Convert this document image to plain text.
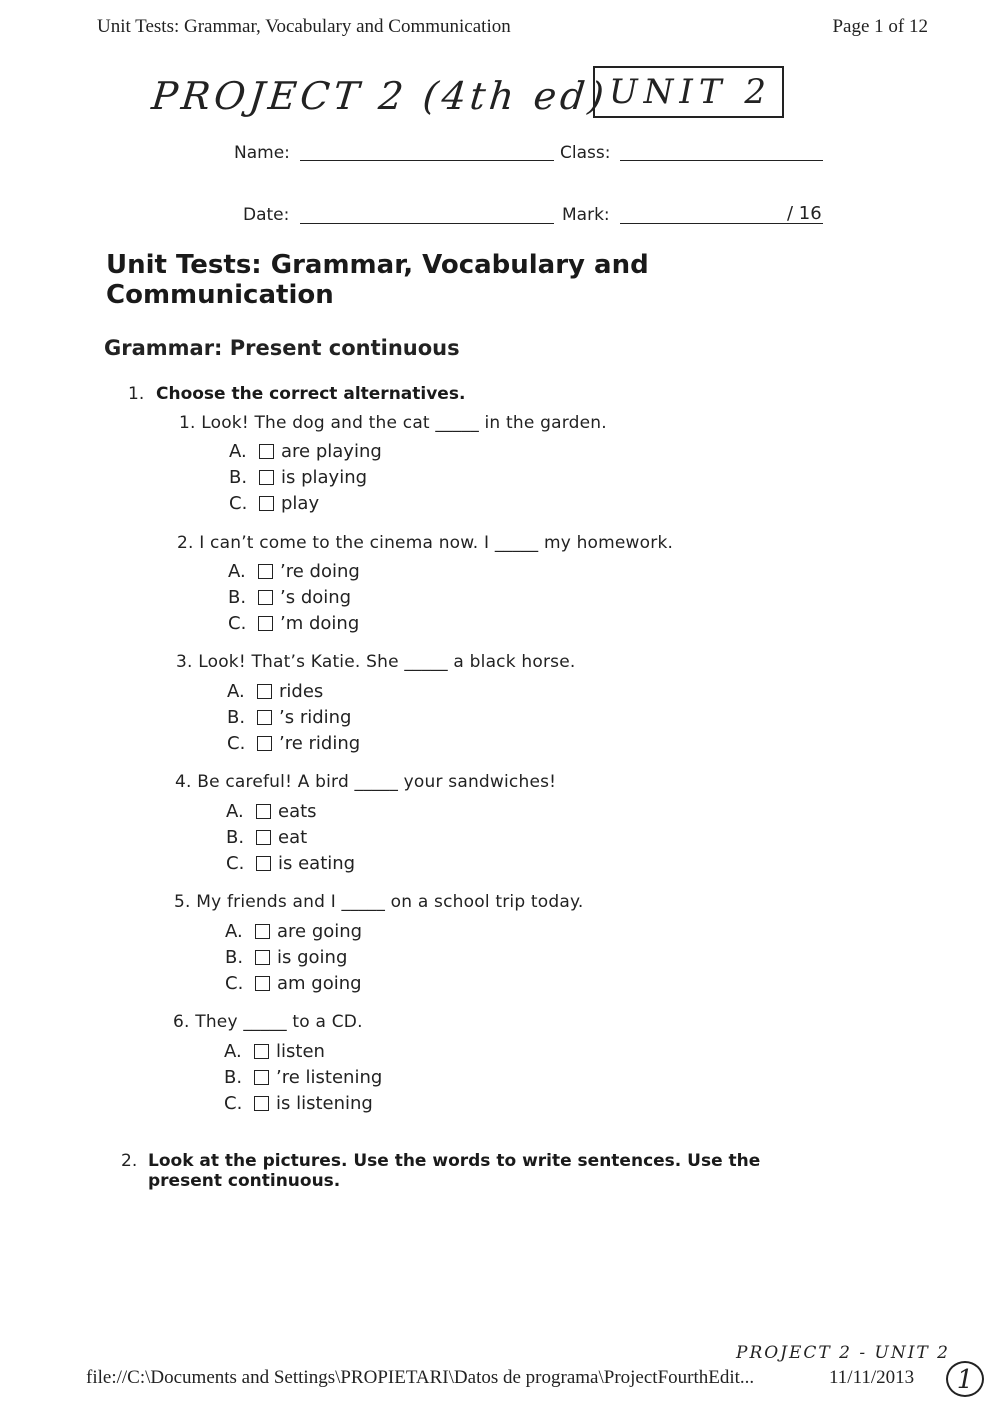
Unit Tests: Grammar, Vocabulary and Communication	Page 1 of 12
PROJECT 2 (4th ed) UNIT 2
Name:	Class:
Date:	Mark:	/ 16
Unit Tests: Grammar, Vocabulary and Communication
Grammar: Present continuous
1. Choose the correct alternatives.
1. Look! The dog and the cat _____ in the garden.
A.	are playing
B.	is playing
C.	play
2. I can’t come to the cinema now. I _____ my homework.
A.	’re doing
B.	’s doing
C.	’m doing
3. Look! That’s Katie. She _____ a black horse.
A.	rides
B.	’s riding
C.	’re riding
4. Be careful! A bird _____ your sandwiches!
A.	eats
B.	eat
C.	is eating
5. My friends and I _____ on a school trip today.
A.	are going
B.	is going
C.	am going
6. They _____ to a CD.
A.	listen
B.	’re listening
C.	is listening
2. Look at the pictures. Use the words to write sentences. Use the
present continuous.
PROJECT 2 - UNIT 2
file://C:\Documents and Settings\PROPIETARI\Datos de programa\ProjectFourthEdit...	11/11/2013	1
